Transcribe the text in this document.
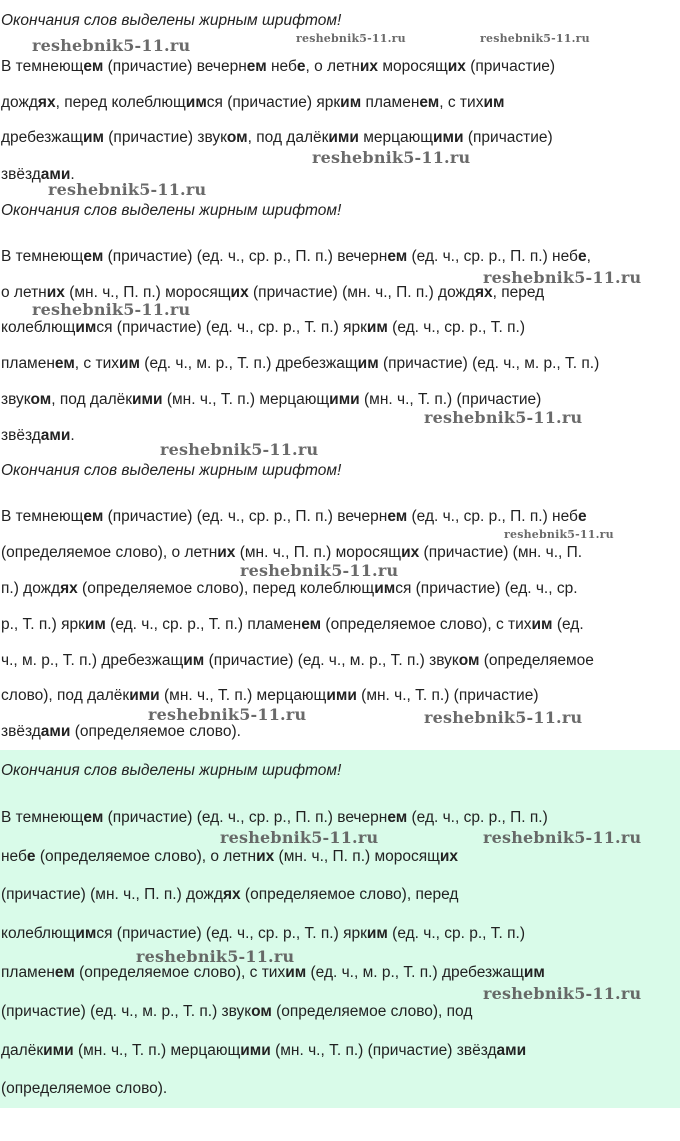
Окончания слов выделены жирным шрифтом!
В темнеющем (причастие) вечернем небе, о летних моросящих (причастие)
дождях, перед колеблющимся (причастие) ярким пламенем, с тихим
дребезжащим (причастие) звуком, под далёкими мерцающими (причастие)
звёздами.
Окончания слов выделены жирным шрифтом!
В темнеющем (причастие) (ед. ч., ср. р., П. п.) вечернем (ед. ч., ср. р., П. п.) небе,
о летних (мн. ч., П. п.) моросящих (причастие) (мн. ч., П. п.) дождях, перед
колеблющимся (причастие) (ед. ч., ср. р., Т. п.) ярким (ед. ч., ср. р., Т. п.)
пламенем, с тихим (ед. ч., м. р., Т. п.) дребезжащим (причастие) (ед. ч., м. р., Т. п.)
звуком, под далёкими (мн. ч., Т. п.) мерцающими (мн. ч., Т. п.) (причастие)
звёздами.
Окончания слов выделены жирным шрифтом!
В темнеющем (причастие) (ед. ч., ср. р., П. п.) вечернем (ед. ч., ср. р., П. п.) небе
(определяемое слово), о летних (мн. ч., П. п.) моросящих (причастие) (мн. ч., П.
п.) дождях (определяемое слово), перед колеблющимся (причастие) (ед. ч., ср.
р., Т. п.) ярким (ед. ч., ср. р., Т. п.) пламенем (определяемое слово), с тихим (ед.
ч., м. р., Т. п.) дребезжащим (причастие) (ед. ч., м. р., Т. п.) звуком (определяемое
слово), под далёкими (мн. ч., Т. п.) мерцающими (мн. ч., Т. п.) (причастие)
звёздами (определяемое слово).
Окончания слов выделены жирным шрифтом!
В темнеющем (причастие) (ед. ч., ср. р., П. п.) вечернем (ед. ч., ср. р., П. п.)
небе (определяемое слово), о летних (мн. ч., П. п.) моросящих
(причастие) (мн. ч., П. п.) дождях (определяемое слово), перед
колеблющимся (причастие) (ед. ч., ср. р., Т. п.) ярким (ед. ч., ср. р., Т. п.)
пламенем (определяемое слово), с тихим (ед. ч., м. р., Т. п.) дребезжащим
(причастие) (ед. ч., м. р., Т. п.) звуком (определяемое слово), под
далёкими (мн. ч., Т. п.) мерцающими (мн. ч., Т. п.) (причастие) звёздами
(определяемое слово).
reshebnik5-11.ru	reshebnik5-11.ru	reshebnik5-11.ru
reshebnik5-11.ru
reshebnik5-11.ru
reshebnik5-11.ru
reshebnik5-11.ru
reshebnik5-11.ru
reshebnik5-11.ru
reshebnik5-11.ru
reshebnik5-11.ru
reshebnik5-11.ru	reshebnik5-11.ru
reshebnik5-11.ru	reshebnik5-11.ru
reshebnik5-11.ru
reshebnik5-11.ru
